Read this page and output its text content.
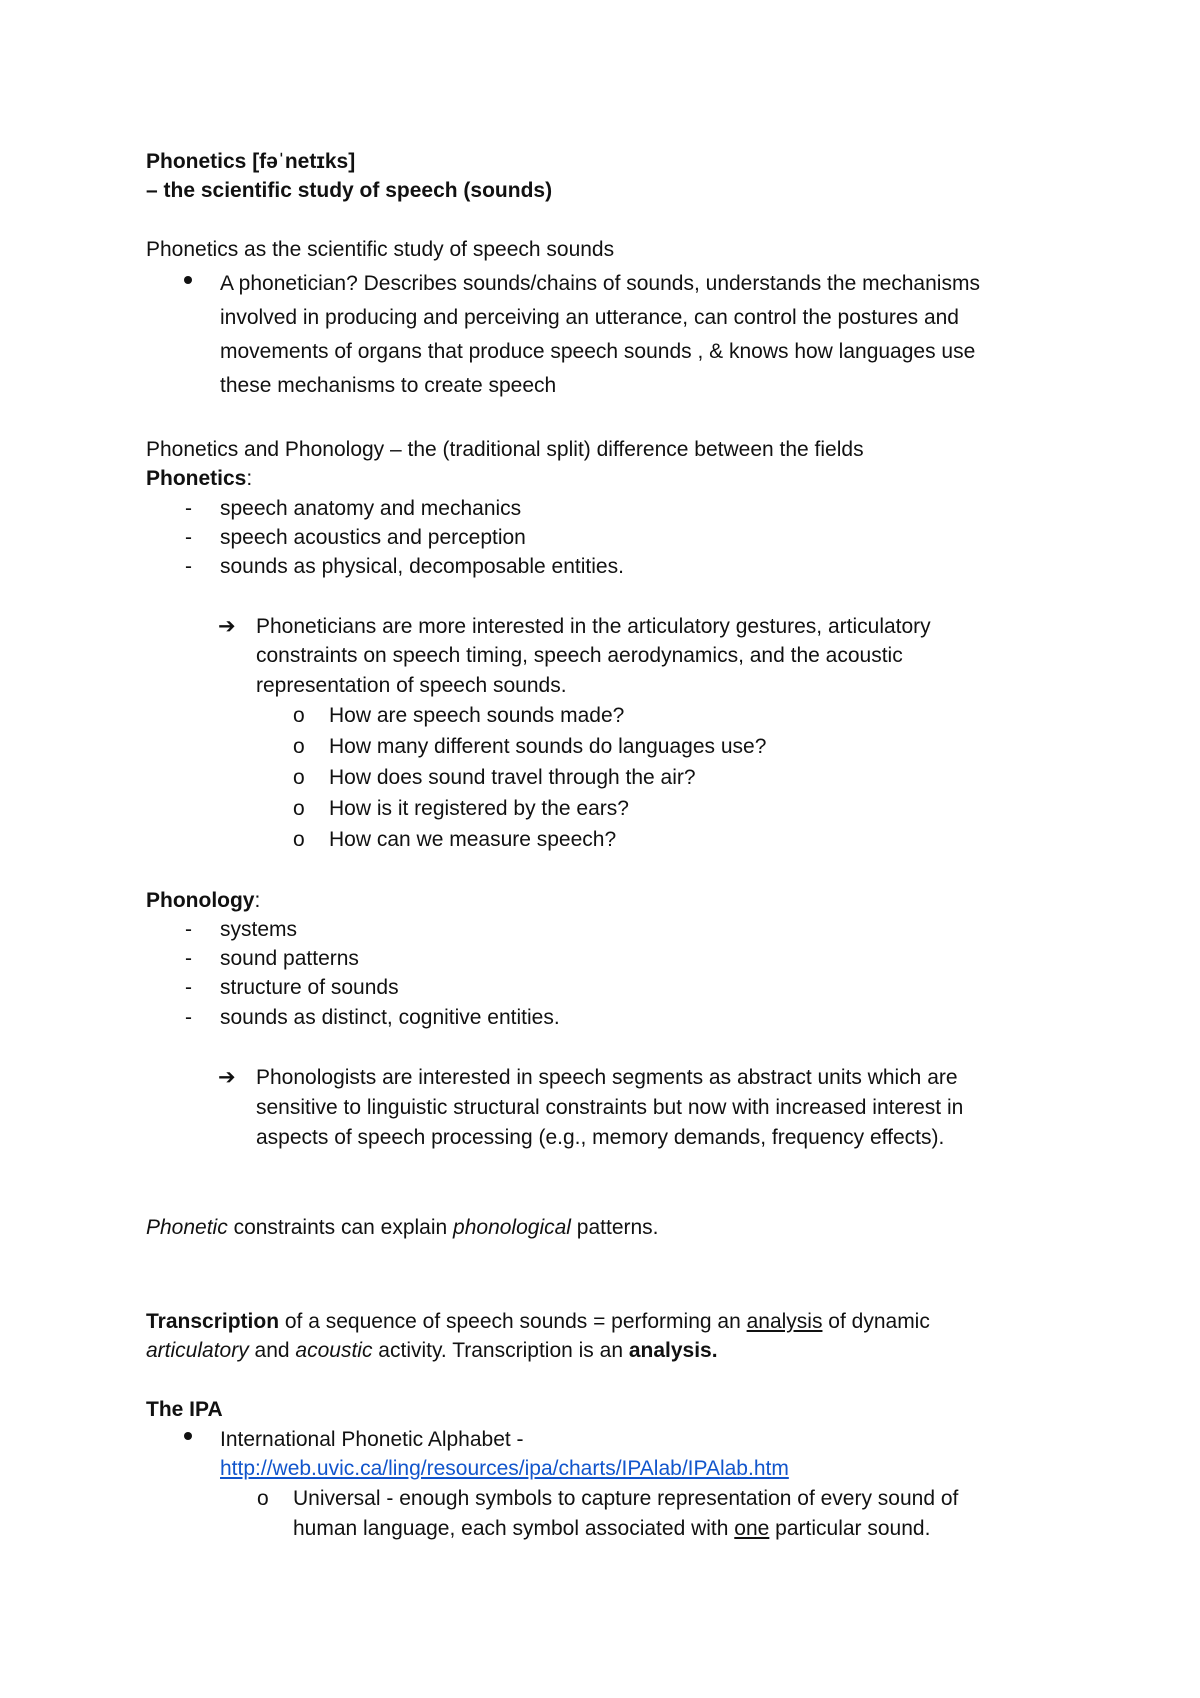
Phonetics [fəˈnetɪks]
– the scientific study of speech (sounds)
Phonetics as the scientific study of speech sounds
A phonetician? Describes sounds/chains of sounds, understands the mechanisms
involved in producing and perceiving an utterance, can control the postures and
movements of organs that produce speech sounds , & knows how languages use
these mechanisms to create speech
Phonetics and Phonology – the (traditional split) difference between the fields
Phonetics:
- speech anatomy and mechanics
- speech acoustics and perception
- sounds as physical, decomposable entities.
➔ Phoneticians are more interested in the articulatory gestures, articulatory
constraints on speech timing, speech aerodynamics, and the acoustic
representation of speech sounds.
o How are speech sounds made?
o How many different sounds do languages use?
o How does sound travel through the air?
o How is it registered by the ears?
o How can we measure speech?
Phonology:
- systems
- sound patterns
- structure of sounds
- sounds as distinct, cognitive entities.
➔ Phonologists are interested in speech segments as abstract units which are
sensitive to linguistic structural constraints but now with increased interest in
aspects of speech processing (e.g., memory demands, frequency effects).
Phonetic constraints can explain phonological patterns.
Transcription of a sequence of speech sounds = performing an analysis of dynamic
articulatory and acoustic activity. Transcription is an analysis.
The IPA
International Phonetic Alphabet -
http://web.uvic.ca/ling/resources/ipa/charts/IPAlab/IPAlab.htm
o Universal - enough symbols to capture representation of every sound of
human language, each symbol associated with one particular sound.
